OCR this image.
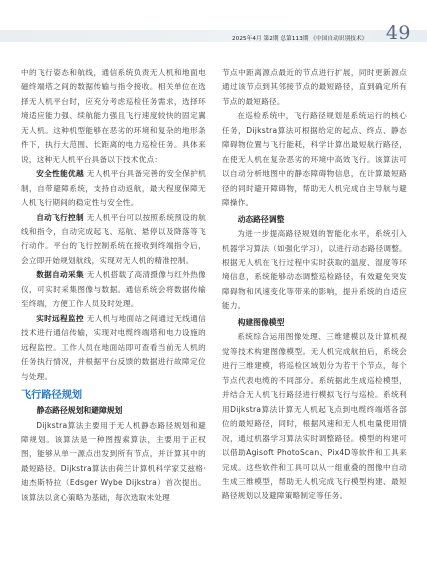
2025年4月 第2期 总第113期 《中国自动识别技术》 49

中的飞行姿态和航线，通信系统负责无人机和地面电磁终端塔之间的数据传输与指令接收。相关单位在选择无人机平台时，应充分考虑巡检任务需求，选择环境适应能力强、续航能力强且飞行速度较快的固定翼无人机。这种机型能够在恶劣的环境和复杂的地形条件下，执行大范围、长距离的电力巡检任务。具体来说，这种无人机平台具备以下技术优点：

安全性能优越 无人机平台具备完善的安全保护机制，自带避障系统，支持自动返航，最大程度保障无人机飞行期间的稳定性与安全性。

自动飞行控制 无人机平台可以按照系统预设的航线和指令，自动完成起飞、巡航、悬停以及降落等飞行动作。平台的飞行控制系统在接收到终端指令后，会立即开始规划航线，实现对无人机的精准控制。

数据自动采集 无人机搭载了高清摄像与红外热像仪，可实时采集图像与数据。通信系统会将数据传输至终端，方便工作人员及时处理。

实时远程监控 无人机与地面站之间通过无线通信技术进行通信传输，实现对电缆终端塔和电力设施的远程监控。工作人员在地面站即可查看当前无人机的任务执行情况，并根据平台反馈的数据进行故障定位与处理。

飞行路径规划
静态路径规划和避障规划

Dijkstra算法主要用于无人机静态路径规划和避障规划。该算法是一种图搜索算法，主要用于正权图，能够从单一源点出发到所有节点，并计算其中的最短路径。Dijkstra算法由荷兰计算机科学家艾兹格·迪杰斯特拉（Edsger Wybe Dijkstra）首次提出。该算法以贪心策略为基础，每次选取未处理

节点中距离源点最近的节点进行扩展，同时更新源点通过该节点到其邻接节点的最短路径，直到确定所有节点的最短路径。

在巡检系统中，飞行路径规划是系统运行的核心任务，Dijkstra算法可根据给定的起点、终点、静态障碍物位置与飞行能耗，科学计算出最短航行路径，在使无人机在复杂恶劣的环境中高效飞行。该算法可以自动分析地图中的静态障碍物信息，在计算最短路径的同时避开障碍物，帮助无人机完成自主导航与避障操作。

动态路径调整

为进一步提高路径规划的智能化水平，系统引入机器学习算法（如强化学习），以进行动态路径调整。根据无人机在飞行过程中实时获取的温度、湿度等环境信息，系统能够动态调整巡检路径，有效避免突发障碍物和风速变化等带来的影响，提升系统的自适应能力。

构建图像模型

系统综合运用图像处理、三维建模以及计算机视觉等技术构建图像模型。无人机完成航拍后，系统会进行三维建模，将巡检区域划分为若干个节点，每个节点代表电缆的不同部分。系统据此生成巡检模型，并结合无人机飞行路径进行模拟飞行与巡检。系统利用Dijkstra算法计算无人机起飞点到电缆终端塔各部位的最短路径，同时，根据风速和无人机电量使用情况，通过机器学习算法实时调整路径。模型的构建可以借助Agisoft PhotoScan、Pix4D等软件和工具来完成。这些软件和工具可以从一组重叠的图像中自动生成三维模型，帮助无人机完成飞行模型构建、最短路径规划以及避障策略制定等任务。
